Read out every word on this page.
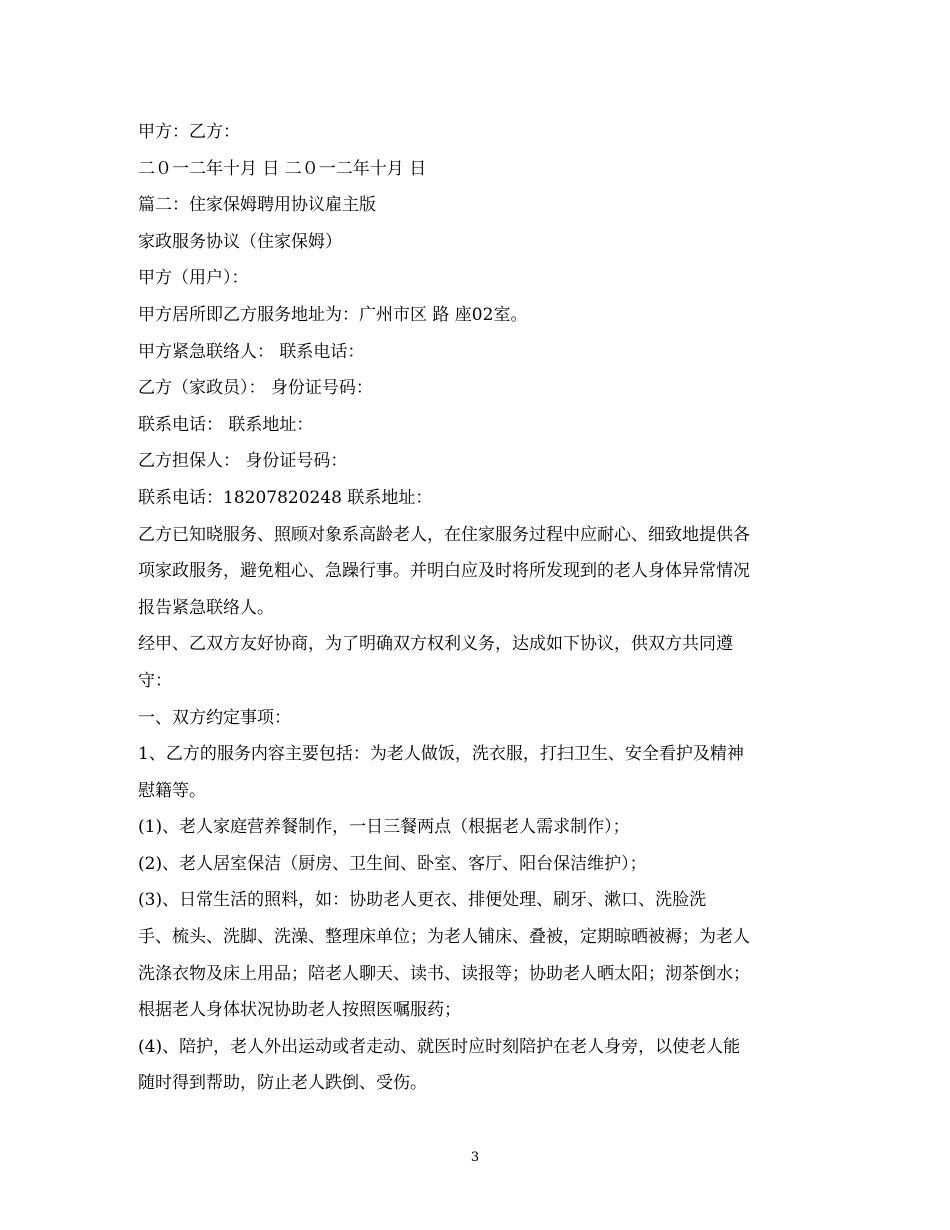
甲方：乙方：
二０一二年十月 日 二０一二年十月 日
篇二：住家保姆聘用协议雇主版
家政服务协议（住家保姆）
甲方（用户）：
甲方居所即乙方服务地址为：广州市区 路 座02室。
甲方紧急联络人： 联系电话：
乙方（家政员）： 身份证号码：
联系电话： 联系地址：
乙方担保人： 身份证号码：
联系电话：18207820248 联系地址：
乙方已知晓服务、照顾对象系高龄老人，在住家服务过程中应耐心、细致地提供各
项家政服务，避免粗心、急躁行事。并明白应及时将所发现到的老人身体异常情况
报告紧急联络人。
经甲、乙双方友好协商，为了明确双方权利义务，达成如下协议，供双方共同遵
守：
一、双方约定事项：
1、乙方的服务内容主要包括：为老人做饭，洗衣服，打扫卫生、安全看护及精神
慰籍等。
(1)、老人家庭营养餐制作，一日三餐两点（根据老人需求制作）；
(2)、老人居室保洁（厨房、卫生间、卧室、客厅、阳台保洁维护）；
(3)、日常生活的照料，如：协助老人更衣、排便处理、刷牙、漱口、洗脸洗
手、梳头、洗脚、洗澡、整理床单位；为老人铺床、叠被，定期晾晒被褥；为老人
洗涤衣物及床上用品；陪老人聊天、读书、读报等；协助老人晒太阳；沏茶倒水；
根据老人身体状况协助老人按照医嘱服药；
(4)、陪护，老人外出运动或者走动、就医时应时刻陪护在老人身旁，以使老人能
随时得到帮助，防止老人跌倒、受伤。
3
